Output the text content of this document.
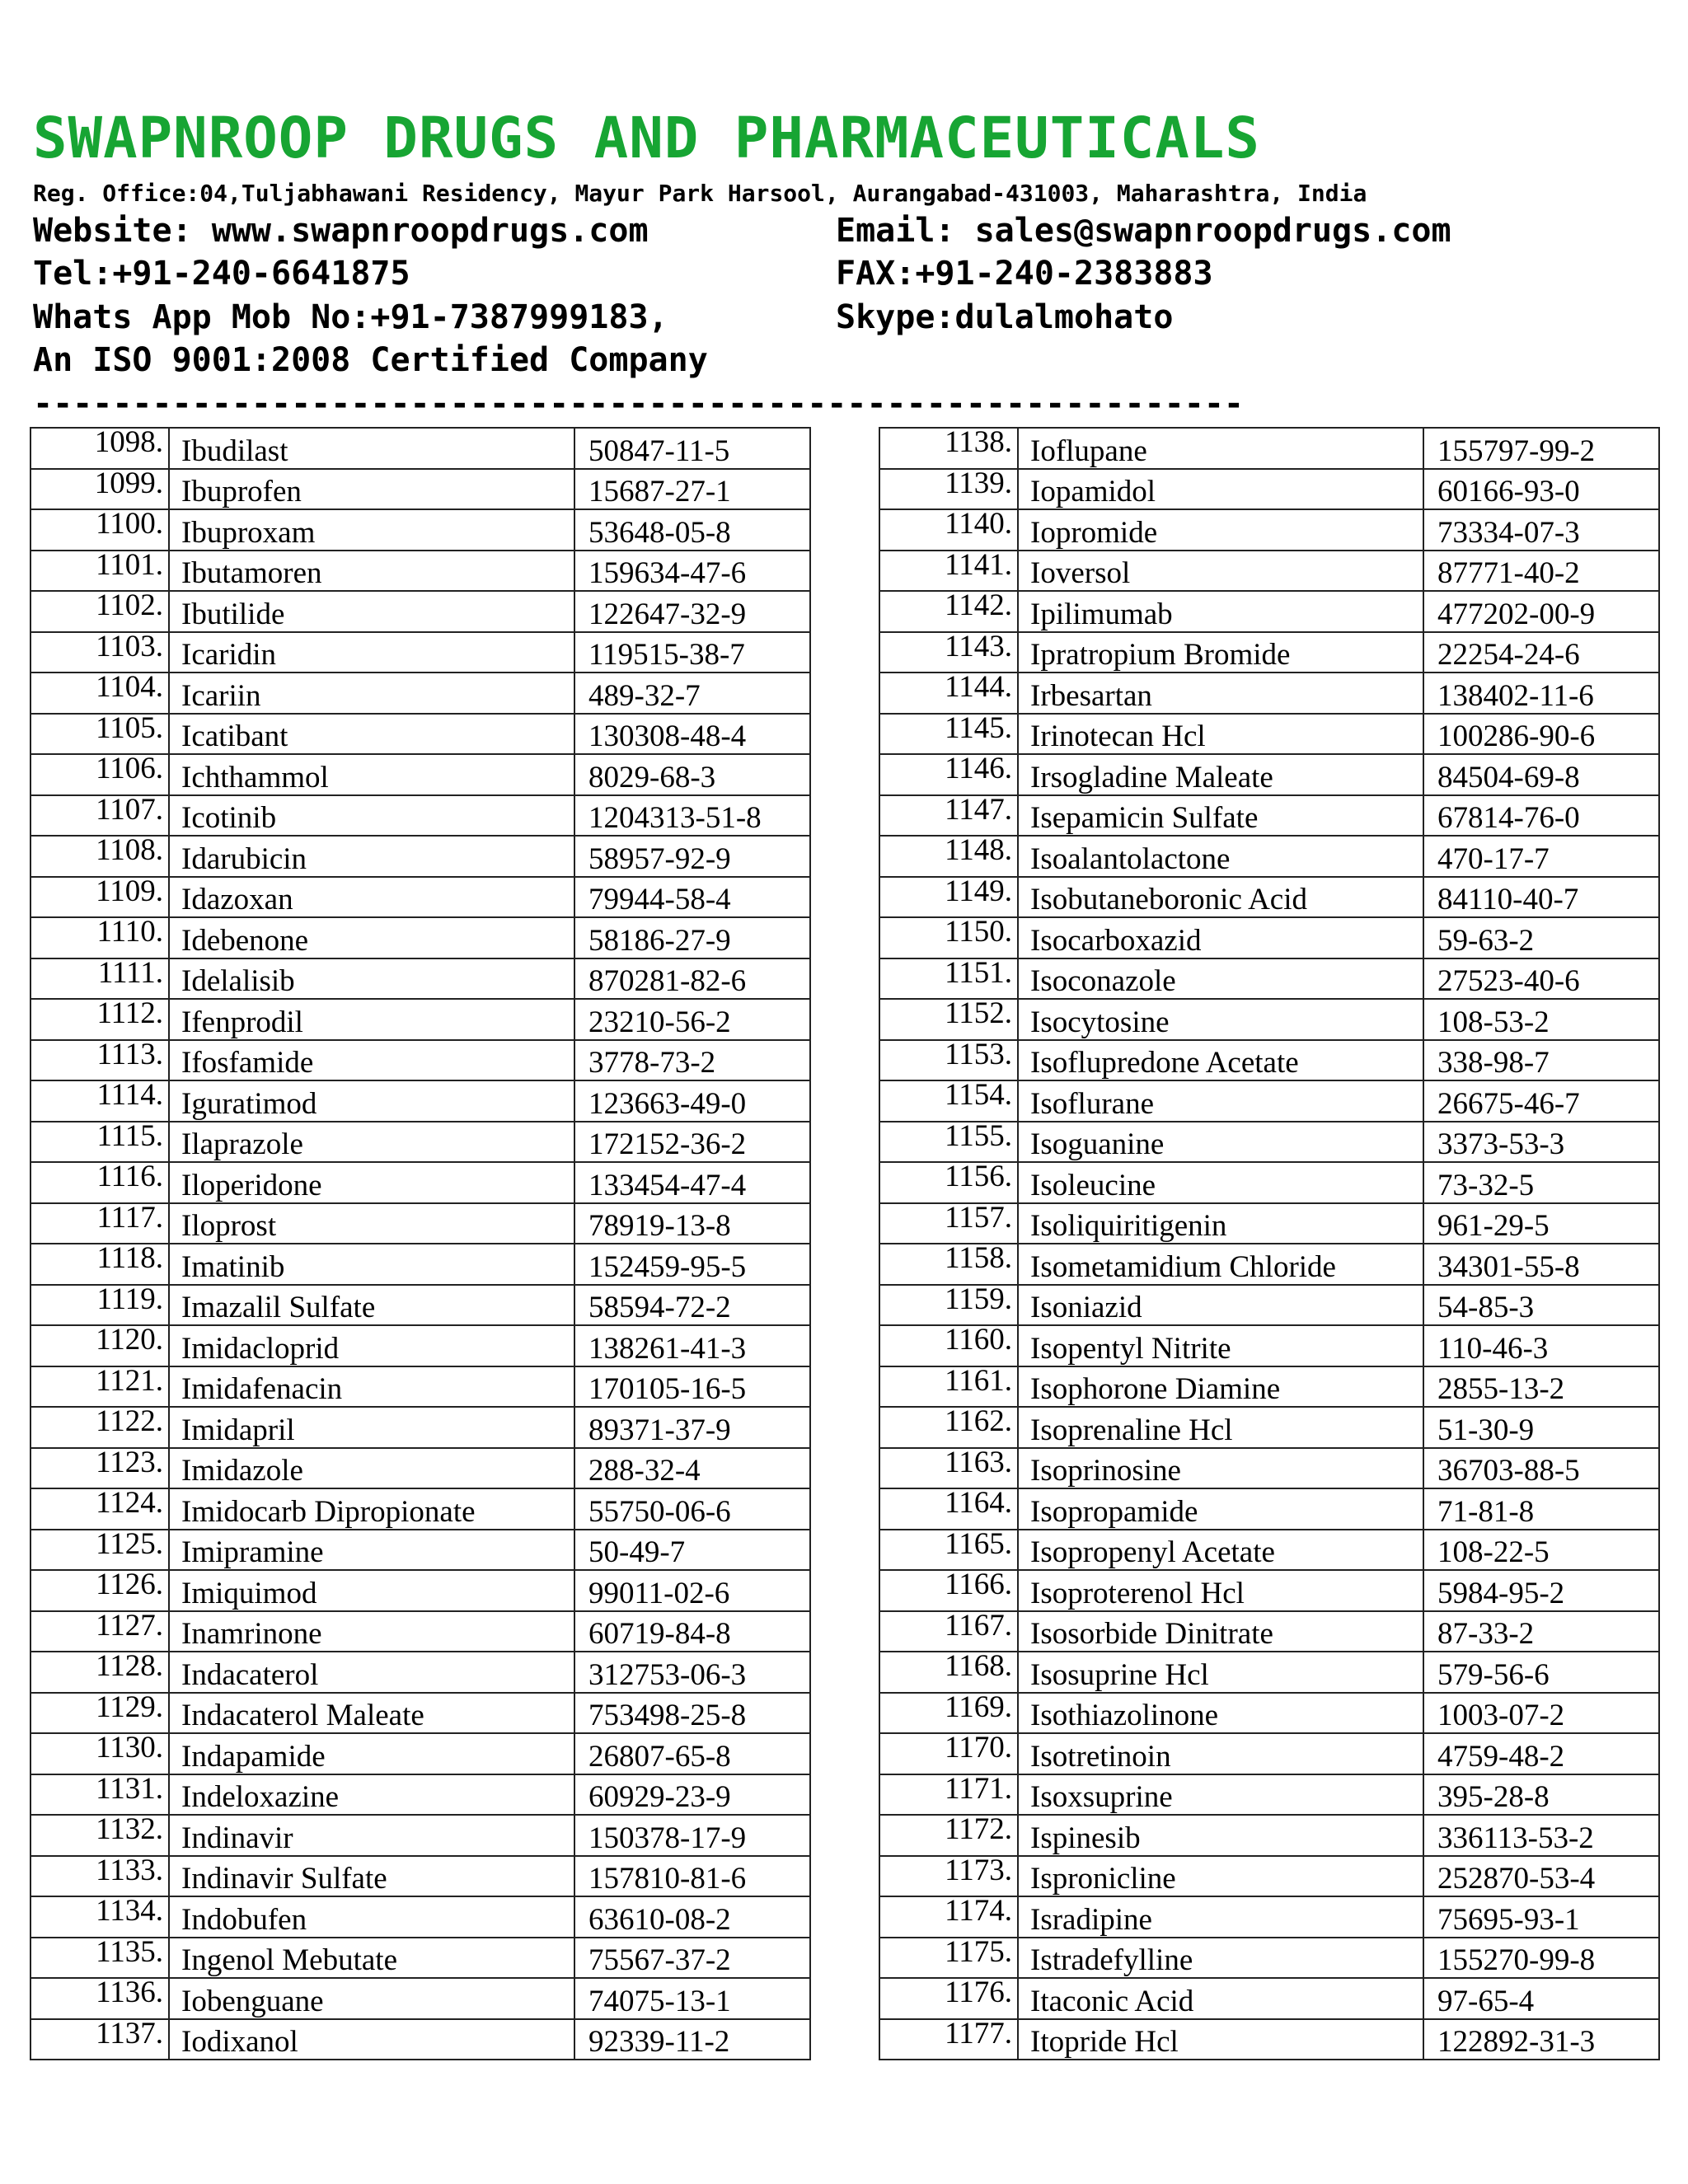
SWAPNROOP DRUGS AND PHARMACEUTICALS
Reg. Office:04,Tuljabhawani Residency, Mayur Park Harsool, Aurangabad-431003, Maharashtra, India
Website: www.swapnroopdrugs.com	Email: sales@swapnroopdrugs.com
Tel:+91-240-6641875	FAX:+91-240-2383883
Whats App Mob No:+91-7387999183,	Skype:dulalmohato
An ISO 9001:2008 Certified Company
-------------------------------------------------------------
1098.	Ibudilast	50847-11-5
1099.	Ibuprofen	15687-27-1
1100.	Ibuproxam	53648-05-8
1101.	Ibutamoren	159634-47-6
1102.	Ibutilide	122647-32-9
1103.	Icaridin	119515-38-7
1104.	Icariin	489-32-7
1105.	Icatibant	130308-48-4
1106.	Ichthammol	8029-68-3
1107.	Icotinib	1204313-51-8
1108.	Idarubicin	58957-92-9
1109.	Idazoxan	79944-58-4
1110.	Idebenone	58186-27-9
1111.	Idelalisib	870281-82-6
1112.	Ifenprodil	23210-56-2
1113.	Ifosfamide	3778-73-2
1114.	Iguratimod	123663-49-0
1115.	Ilaprazole	172152-36-2
1116.	Iloperidone	133454-47-4
1117.	Iloprost	78919-13-8
1118.	Imatinib	152459-95-5
1119.	Imazalil Sulfate	58594-72-2
1120.	Imidacloprid	138261-41-3
1121.	Imidafenacin	170105-16-5
1122.	Imidapril	89371-37-9
1123.	Imidazole	288-32-4
1124.	Imidocarb Dipropionate	55750-06-6
1125.	Imipramine	50-49-7
1126.	Imiquimod	99011-02-6
1127.	Inamrinone	60719-84-8
1128.	Indacaterol	312753-06-3
1129.	Indacaterol Maleate	753498-25-8
1130.	Indapamide	26807-65-8
1131.	Indeloxazine	60929-23-9
1132.	Indinavir	150378-17-9
1133.	Indinavir Sulfate	157810-81-6
1134.	Indobufen	63610-08-2
1135.	Ingenol Mebutate	75567-37-2
1136.	Iobenguane	74075-13-1
1137.	Iodixanol	92339-11-2
1138.	Ioflupane	155797-99-2
1139.	Iopamidol	60166-93-0
1140.	Iopromide	73334-07-3
1141.	Ioversol	87771-40-2
1142.	Ipilimumab	477202-00-9
1143.	Ipratropium Bromide	22254-24-6
1144.	Irbesartan	138402-11-6
1145.	Irinotecan Hcl	100286-90-6
1146.	Irsogladine Maleate	84504-69-8
1147.	Isepamicin Sulfate	67814-76-0
1148.	Isoalantolactone	470-17-7
1149.	Isobutaneboronic Acid	84110-40-7
1150.	Isocarboxazid	59-63-2
1151.	Isoconazole	27523-40-6
1152.	Isocytosine	108-53-2
1153.	Isoflupredone Acetate	338-98-7
1154.	Isoflurane	26675-46-7
1155.	Isoguanine	3373-53-3
1156.	Isoleucine	73-32-5
1157.	Isoliquiritigenin	961-29-5
1158.	Isometamidium Chloride	34301-55-8
1159.	Isoniazid	54-85-3
1160.	Isopentyl Nitrite	110-46-3
1161.	Isophorone Diamine	2855-13-2
1162.	Isoprenaline Hcl	51-30-9
1163.	Isoprinosine	36703-88-5
1164.	Isopropamide	71-81-8
1165.	Isopropenyl Acetate	108-22-5
1166.	Isoproterenol Hcl	5984-95-2
1167.	Isosorbide Dinitrate	87-33-2
1168.	Isosuprine Hcl	579-56-6
1169.	Isothiazolinone	1003-07-2
1170.	Isotretinoin	4759-48-2
1171.	Isoxsuprine	395-28-8
1172.	Ispinesib	336113-53-2
1173.	Ispronicline	252870-53-4
1174.	Isradipine	75695-93-1
1175.	Istradefylline	155270-99-8
1176.	Itaconic Acid	97-65-4
1177.	Itopride Hcl	122892-31-3
